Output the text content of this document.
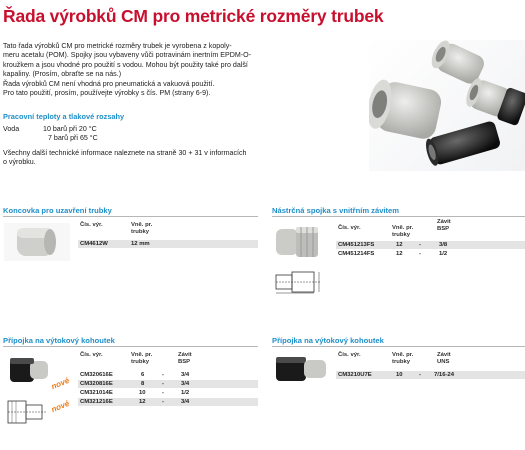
Řada výrobků CM pro metrické rozměry trubek

Tato řada výrobků CM pro metrické rozměry trubek je vyrobena z kopoly-

meru acetalu (POM). Spojky jsou vybaveny vůči potravinám inertním EPDM-O-

kroužkem a jsou vhodné pro použití s vodou. Mohou být použity také pro další

kapaliny. (Prosím, obraťte se na nás.)

Řada výrobků CM není vhodná pro pneumatická a vakuová použití.

Pro tato použití, prosím, používejte výrobky s čís. PM (strany 6-9).

Pracovní teploty a tlakové rozsahy
Voda	10 barů při 20 °C
7 barů při 65 °C

Všechny další technické informace naleznete na straně 30 + 31 v informacích

o výrobku.

Koncovka pro uzavření trubky
Čís. výr.	Vně. pr.
trubky
CM4612W	12 mm
Nástrčná spojka s vnitřním závitem
Čís. výr.	Vně. pr.
trubky
Závit
BSP
CM451213FS	12	-	3/8
CM451214FS	12	-	1/2
Přípojka na výtokový kohoutek
nové
nové
Čís. výr.	Vně. pr.
trubky
Závit
BSP
CM320616E	6	-	3/4
CM320816E	8	-	3/4
CM321014E	10	-	1/2
CM321216E	12	-	3/4
Přípojka na výtokový kohoutek
Čís. výr.	Vně. pr.
trubky
Závit
UNS
CM3210U7E	10	- 7/16-24
